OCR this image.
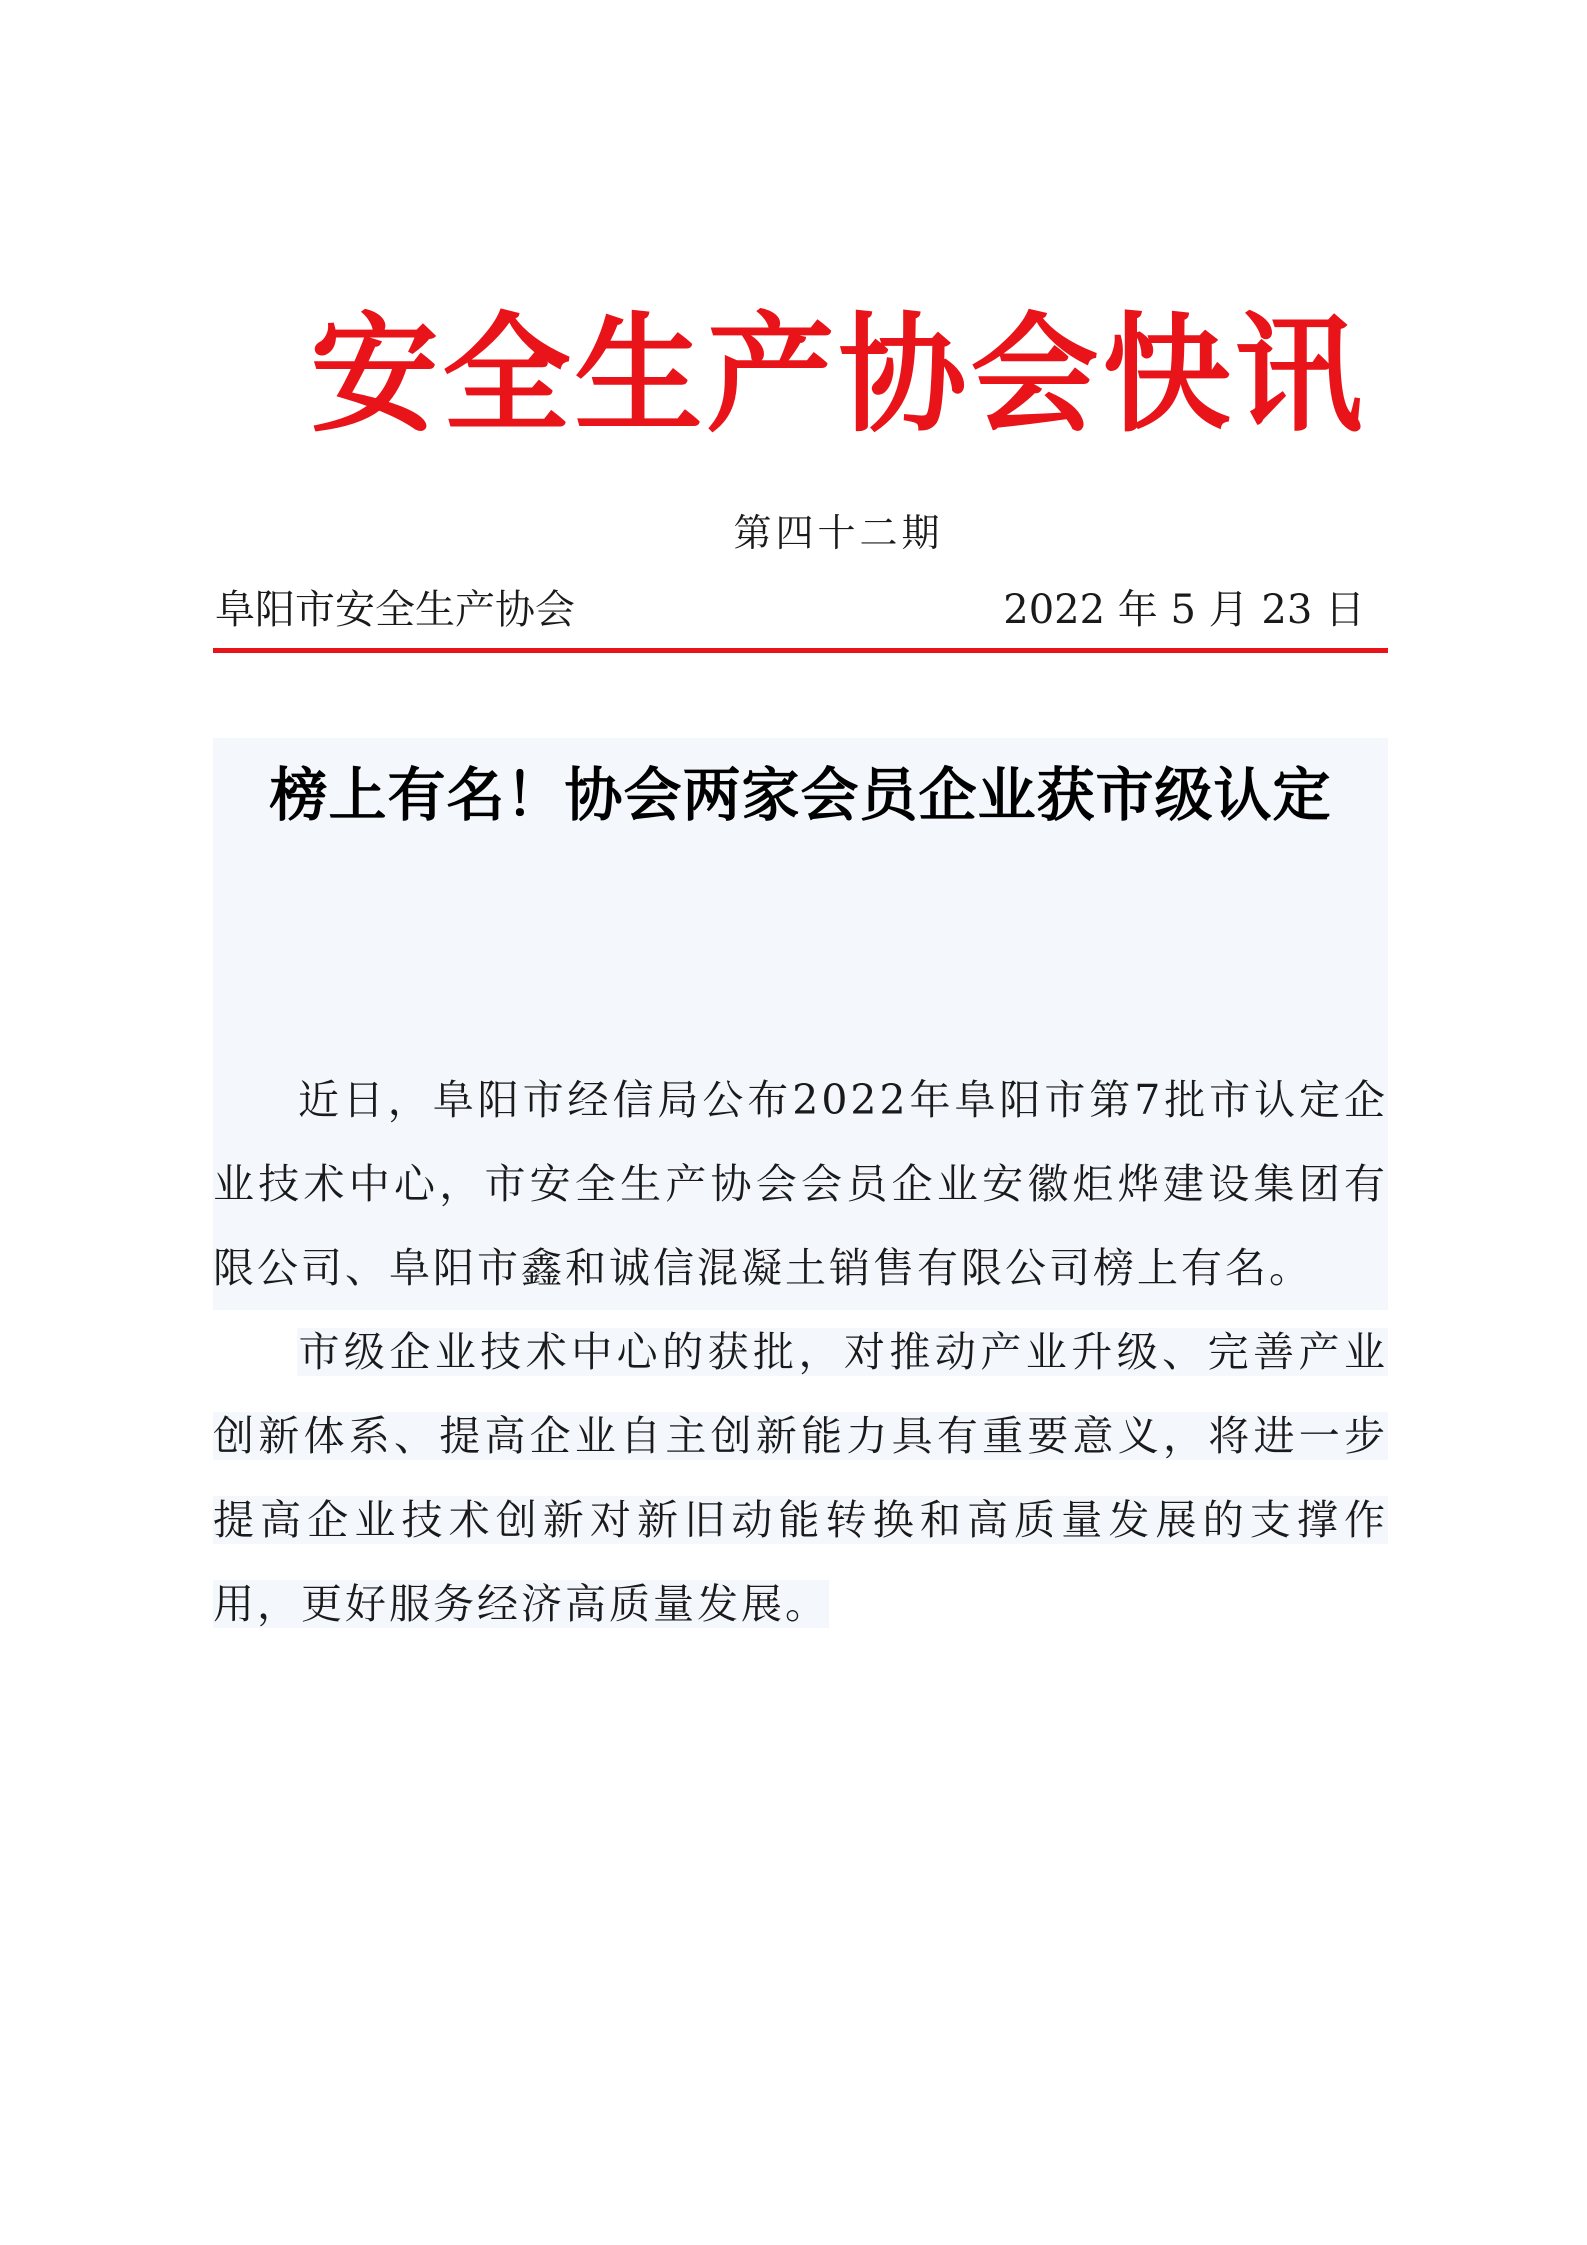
安全生产协会快讯
第四十二期
阜阳市安全生产协会	2022 年 5 月 23 日
榜上有名！协会两家会员企业获市级认定
近日，阜阳市经信局公布2022年阜阳市第7批市认定企业技术中心，市安全生产协会会员企业安徽炬烨建设集团有限公司、阜阳市鑫和诚信混凝土销售有限公司榜上有名。
市级企业技术中心的获批，对推动产业升级、完善产业创新体系、提高企业自主创新能力具有重要意义，将进一步提高企业技术创新对新旧动能转换和高质量发展的支撑作用，更好服务经济高质量发展。
